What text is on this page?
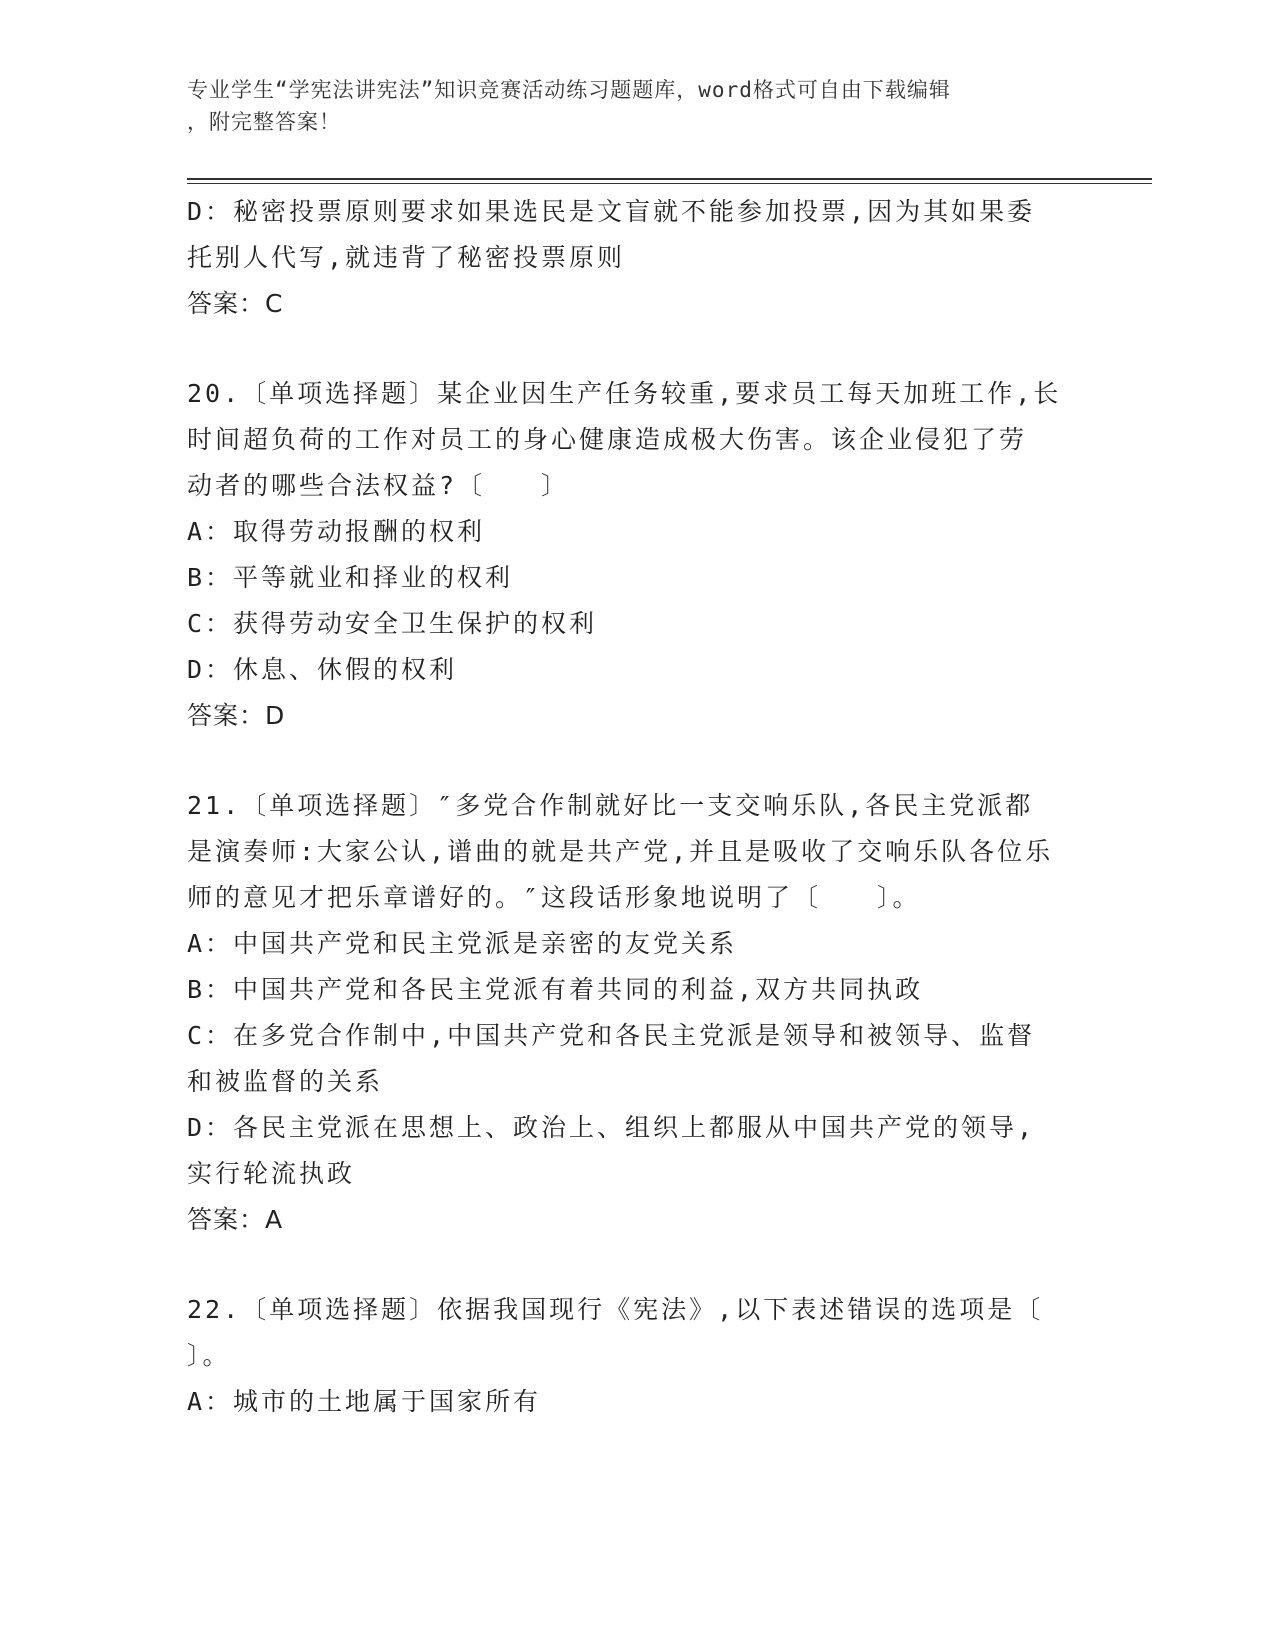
专业学生“学宪法讲宪法”知识竞赛活动练习题题库，word格式可自由下载编辑
，附完整答案！
D：秘密投票原则要求如果选民是文盲就不能参加投票,因为其如果委
托别人代写,就违背了秘密投票原则
答案：C
20.〔单项选择题〕某企业因生产任务较重,要求员工每天加班工作,长
时间超负荷的工作对员工的身心健康造成极大伤害。该企业侵犯了劳
动者的哪些合法权益?〔　　〕
A：取得劳动报酬的权利
B：平等就业和择业的权利
C：获得劳动安全卫生保护的权利
D：休息、休假的权利
答案：D
21.〔单项选择题〕″多党合作制就好比一支交响乐队,各民主党派都
是演奏师:大家公认,谱曲的就是共产党,并且是吸收了交响乐队各位乐
师的意见才把乐章谱好的。″这段话形象地说明了〔　　〕。
A：中国共产党和民主党派是亲密的友党关系
B：中国共产党和各民主党派有着共同的利益,双方共同执政
C：在多党合作制中,中国共产党和各民主党派是领导和被领导、监督
和被监督的关系
D：各民主党派在思想上、政治上、组织上都服从中国共产党的领导,
实行轮流执政
答案：A
22.〔单项选择题〕依据我国现行《宪法》,以下表述错误的选项是〔
〕。
A：城市的土地属于国家所有
